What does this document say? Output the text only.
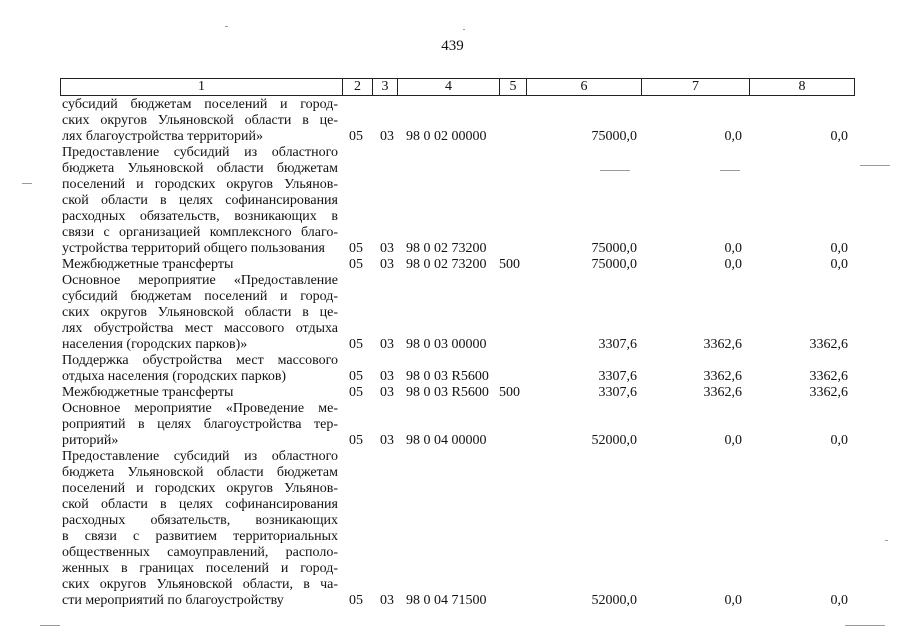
439
1	2	3	4	5	6	7	8
субсидий бюджетам поселений и город-
ских округов Ульяновской области в це-
лях благоустройства территорий»	05 03 98 0 02 00000	75000,0	0,0	0,0
Предоставление субсидий из областного
бюджета Ульяновской области бюджетам
поселений и городских округов Ульянов-
ской области в целях софинансирования
расходных обязательств, возникающих в
связи с организацией комплексного благо-
устройства территорий общего пользования	05 03 98 0 02 73200	75000,0	0,0	0,0
Межбюджетные трансферты	05 03 98 0 02 73200 500	75000,0	0,0	0,0
Основное мероприятие «Предоставление
субсидий бюджетам поселений и город-
ских округов Ульяновской области в це-
лях обустройства мест массового отдыха
населения (городских парков)»	05 03 98 0 03 00000	3307,6	3362,6	3362,6
Поддержка обустройства мест массового
отдыха населения (городских парков)	05 03 98 0 03 R5600	3307,6	3362,6	3362,6
Межбюджетные трансферты	05 03 98 0 03 R5600 500	3307,6	3362,6	3362,6
Основное мероприятие «Проведение ме-
роприятий в целях благоустройства тер-
риторий»	05 03 98 0 04 00000	52000,0	0,0	0,0
Предоставление субсидий из областного
бюджета Ульяновской области бюджетам
поселений и городских округов Ульянов-
ской области в целях софинансирования
расходных обязательств, возникающих
в связи с развитием территориальных
общественных самоуправлений, располо-
женных в границах поселений и город-
ских округов Ульяновской области, в ча-
сти мероприятий по благоустройству	05 03 98 0 04 71500	52000,0	0,0	0,0
